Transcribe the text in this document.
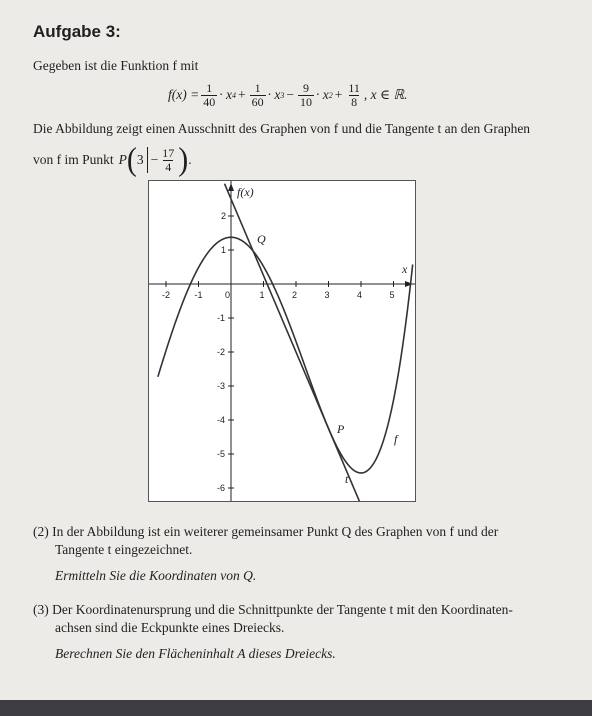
Aufgabe 3:
Gegeben ist die Funktion f mit
$f(x) = \frac{1}{40} \cdot x$ $4 + \frac{1}{60} \cdot x$ $3 - \frac{9}{10} \cdot x$ $2 + \frac{11}{8}$ , x ∈ ℝ.
Die Abbildung zeigt einen Ausschnitt des Graphen von f und die Tangente t an den Graphen
von f im Punkt P ( $3 - \frac{17}{4}$ ) .
-2	-1 0	1	2	3	4	5
2
1
-1
-2
-3
-4
-5
-6
f(x)
x
f
t
P
Q
(2) In der Abbildung ist ein weiterer gemeinsamer Punkt Q des Graphen von f und der
Tangente t eingezeichnet.
Ermitteln Sie die Koordinaten von Q.
(3) Der Koordinatenursprung und die Schnittpunkte der Tangente t mit den Koordinaten-
achsen sind die Eckpunkte eines Dreiecks.
Berechnen Sie den Flächeninhalt A dieses Dreiecks.
